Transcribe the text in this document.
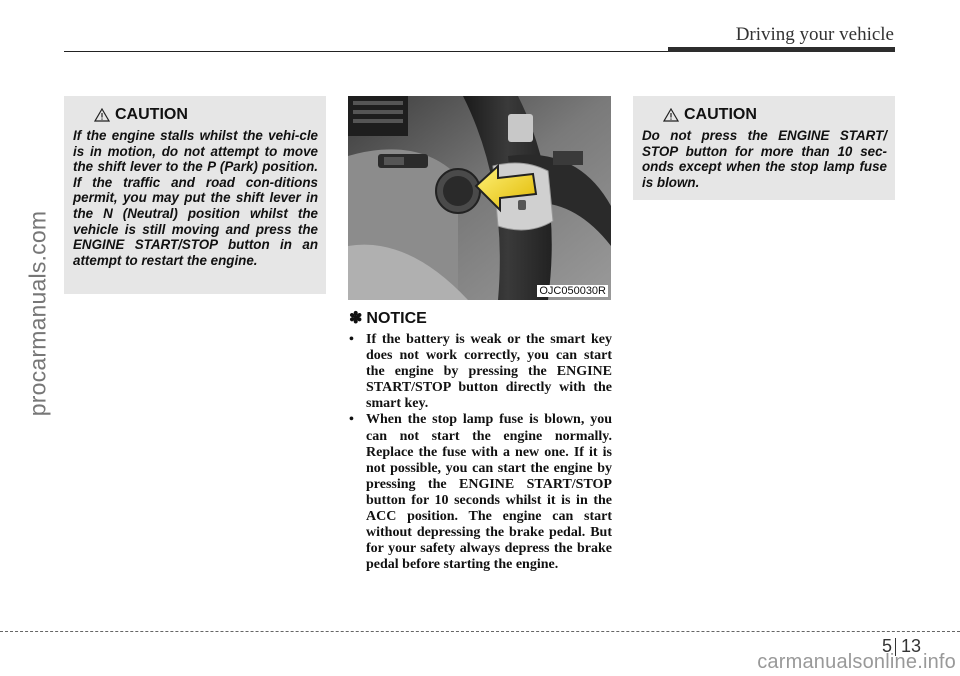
Driving your vehicle
procarmanuals.com
CAUTION
If the engine stalls whilst the vehi-cle is in motion, do not attempt to move the shift lever to the P (Park) position. If the traffic and road con-ditions permit, you may put the shift lever in the N (Neutral) position whilst the vehicle is still moving and press the ENGINE START/STOP button in an attempt to restart the engine.
OJC050030R
✽ NOTICE
• If the battery is weak or the smart key does not work correctly, you can start the engine by pressing the ENGINE START/STOP button directly with the smart key.
• When the stop lamp fuse is blown, you can not start the engine normally. Replace the fuse with a new one. If it is not possible, you can start the engine by pressing the ENGINE START/STOP button for 10 seconds whilst it is in the ACC position. The engine can start without depressing the brake pedal. But for your safety always depress the brake pedal before starting the engine.
CAUTION
Do not press the ENGINE START/ STOP button for more than 10 sec-onds except when the stop lamp fuse is blown.
5 13
carmanualsonline.info
